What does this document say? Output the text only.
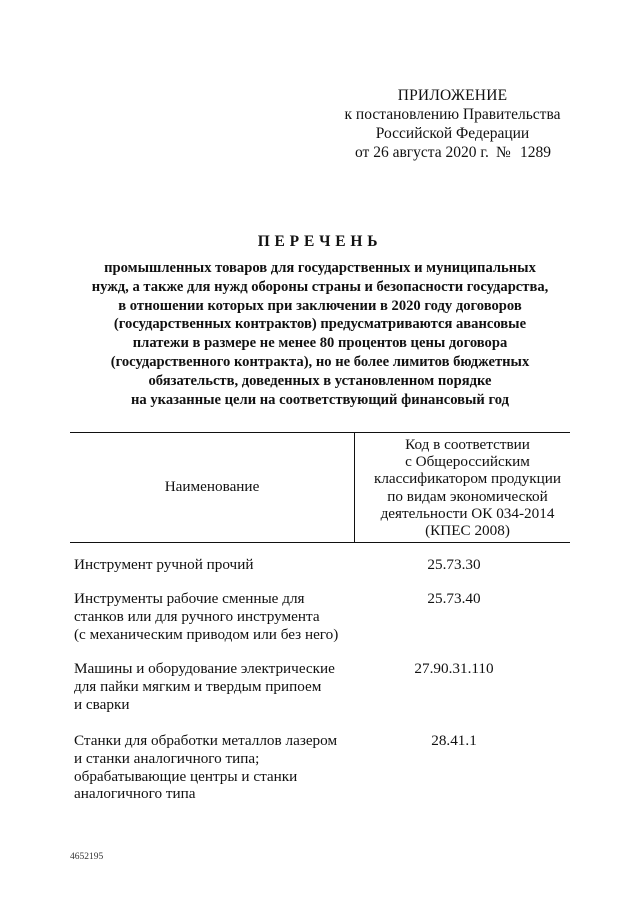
ПРИЛОЖЕНИЕ
к постановлению Правительства
Российской Федерации
от 26 августа 2020 г. № 1289
ПЕРЕЧЕНЬ
промышленных товаров для государственных и муниципальных
нужд, а также для нужд обороны страны и безопасности государства,
в отношении которых при заключении в 2020 году договоров
(государственных контрактов) предусматриваются авансовые
платежи в размере не менее 80 процентов цены договора
(государственного контракта), но не более лимитов бюджетных
обязательств, доведенных в установленном порядке
на указанные цели на соответствующий финансовый год
Наименование
Код в соответствии
с Общероссийским
классификатором продукции
по видам экономической
деятельности ОК 034-2014
(КПЕС 2008)
Инструмент ручной прочий	25.73.30
Инструменты рабочие сменные для
станков или для ручного инструмента
(с механическим приводом или без него)
25.73.40
Машины и оборудование электрические
для пайки мягким и твердым припоем
и сварки
27.90.31.110
Станки для обработки металлов лазером
и станки аналогичного типа;
обрабатывающие центры и станки
аналогичного типа
28.41.1
4652195
